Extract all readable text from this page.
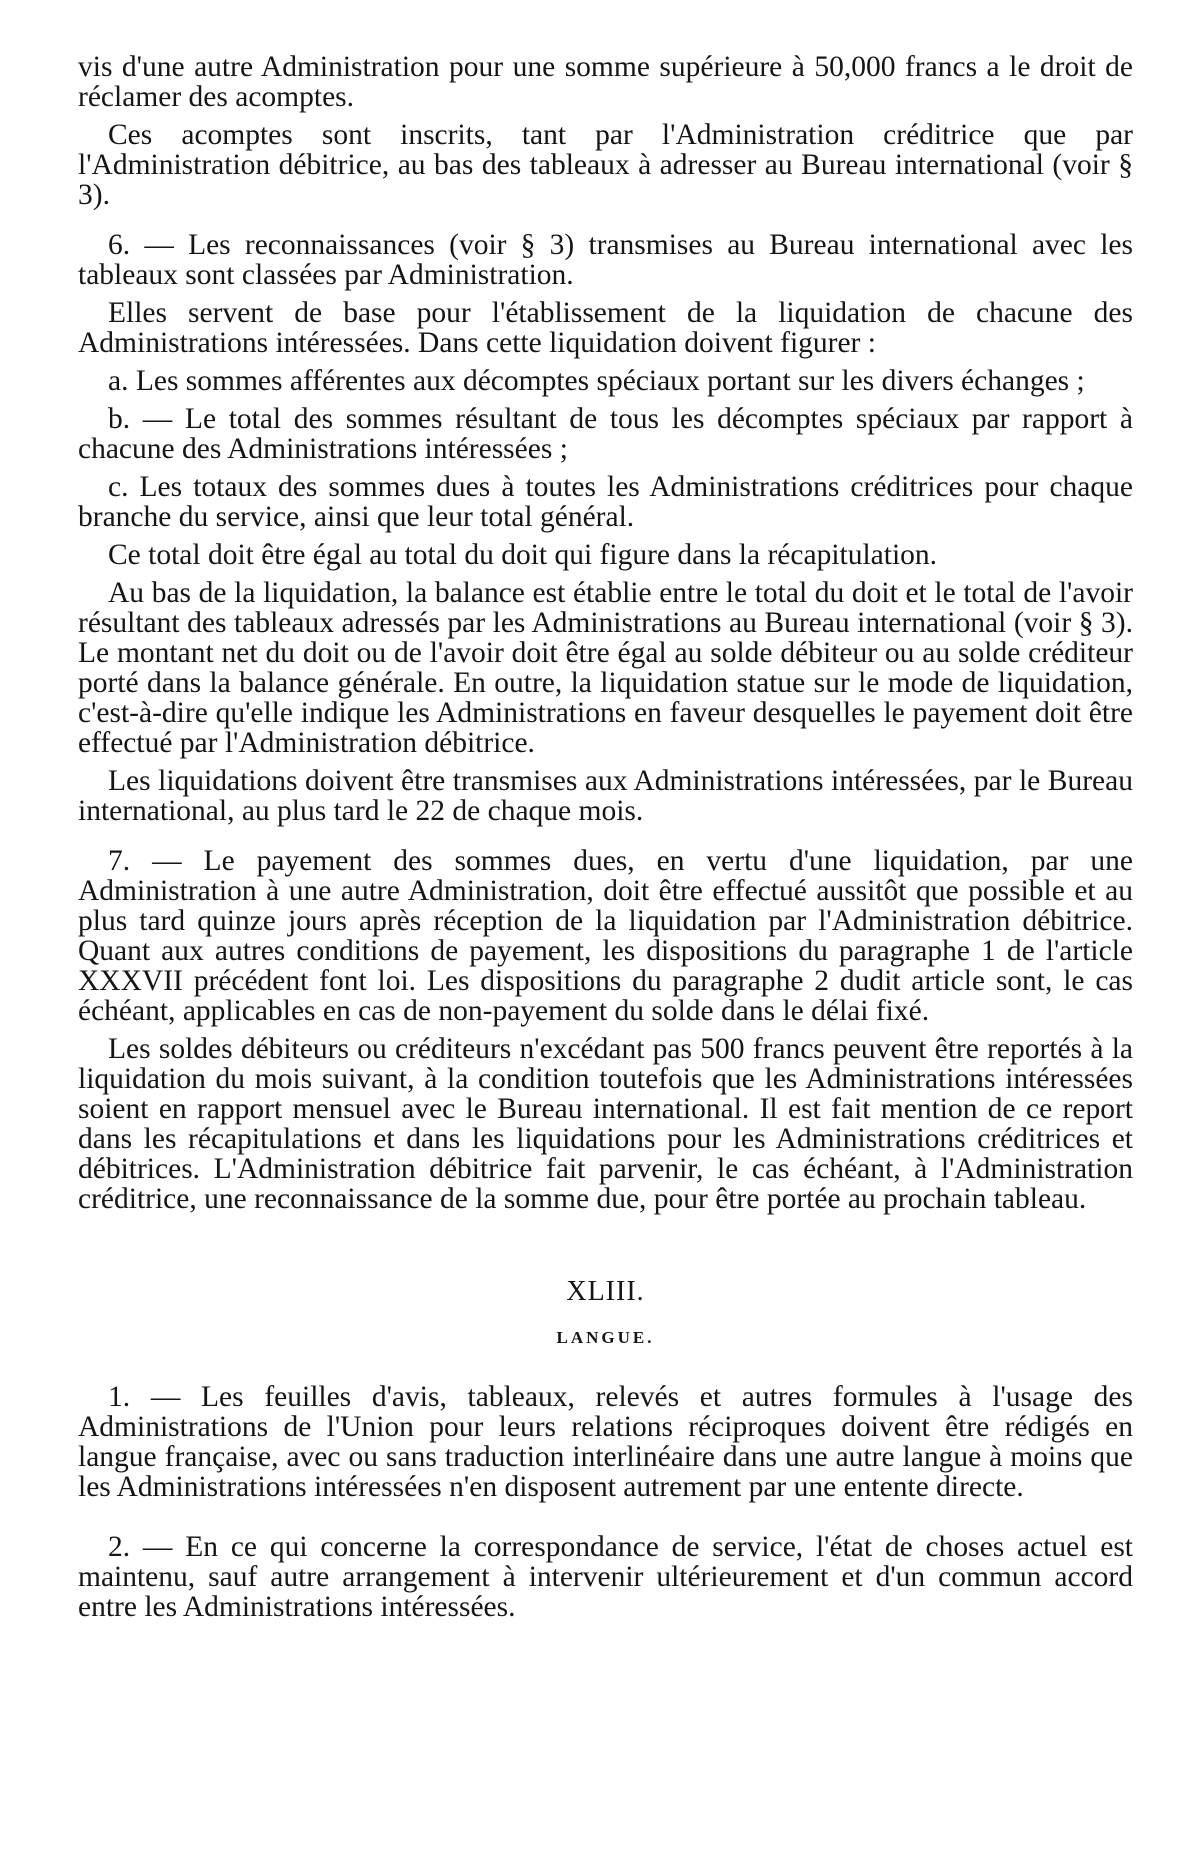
vis d'une autre Administration pour une somme supérieure à 50,000 francs a le droit de réclamer des acomptes.

Ces acomptes sont inscrits, tant par l'Administration créditrice que par l'Administration débitrice, au bas des tableaux à adresser au Bureau international (voir § 3).

6. — Les reconnaissances (voir § 3) transmises au Bureau international avec les tableaux sont classées par Administration.

Elles servent de base pour l'établissement de la liquidation de chacune des Administrations intéressées. Dans cette liquidation doivent figurer :

a. Les sommes afférentes aux décomptes spéciaux portant sur les divers échanges ;

b. — Le total des sommes résultant de tous les décomptes spéciaux par rapport à chacune des Administrations intéressées ;

c. Les totaux des sommes dues à toutes les Administrations créditrices pour chaque branche du service, ainsi que leur total général.

Ce total doit être égal au total du doit qui figure dans la récapitulation.

Au bas de la liquidation, la balance est établie entre le total du doit et le total de l'avoir résultant des tableaux adressés par les Administrations au Bureau international (voir § 3). Le montant net du doit ou de l'avoir doit être égal au solde débiteur ou au solde créditeur porté dans la balance générale. En outre, la liquidation statue sur le mode de liquidation, c'est-à-dire qu'elle indique les Administrations en faveur desquelles le payement doit être effectué par l'Administration débitrice.

Les liquidations doivent être transmises aux Administrations intéressées, par le Bureau international, au plus tard le 22 de chaque mois.

7. — Le payement des sommes dues, en vertu d'une liquidation, par une Administration à une autre Administration, doit être effectué aussitôt que possible et au plus tard quinze jours après réception de la liquidation par l'Administration débitrice. Quant aux autres conditions de payement, les dispositions du paragraphe 1 de l'article XXXVII précédent font loi. Les dispositions du paragraphe 2 dudit article sont, le cas échéant, applicables en cas de non-payement du solde dans le délai fixé.

Les soldes débiteurs ou créditeurs n'excédant pas 500 francs peuvent être reportés à la liquidation du mois suivant, à la condition toutefois que les Administrations intéressées soient en rapport mensuel avec le Bureau international. Il est fait mention de ce report dans les récapitulations et dans les liquidations pour les Administrations créditrices et débitrices. L'Administration débitrice fait parvenir, le cas échéant, à l'Administration créditrice, une reconnaissance de la somme due, pour être portée au prochain tableau.

XLIII.
LANGUE.

1. — Les feuilles d'avis, tableaux, relevés et autres formules à l'usage des Administrations de l'Union pour leurs relations réciproques doivent être rédigés en langue française, avec ou sans traduction interlinéaire dans une autre langue à moins que les Administrations intéressées n'en disposent autrement par une entente directe.

2. — En ce qui concerne la correspondance de service, l'état de choses actuel est maintenu, sauf autre arrangement à intervenir ultérieurement et d'un commun accord entre les Administrations intéressées.
